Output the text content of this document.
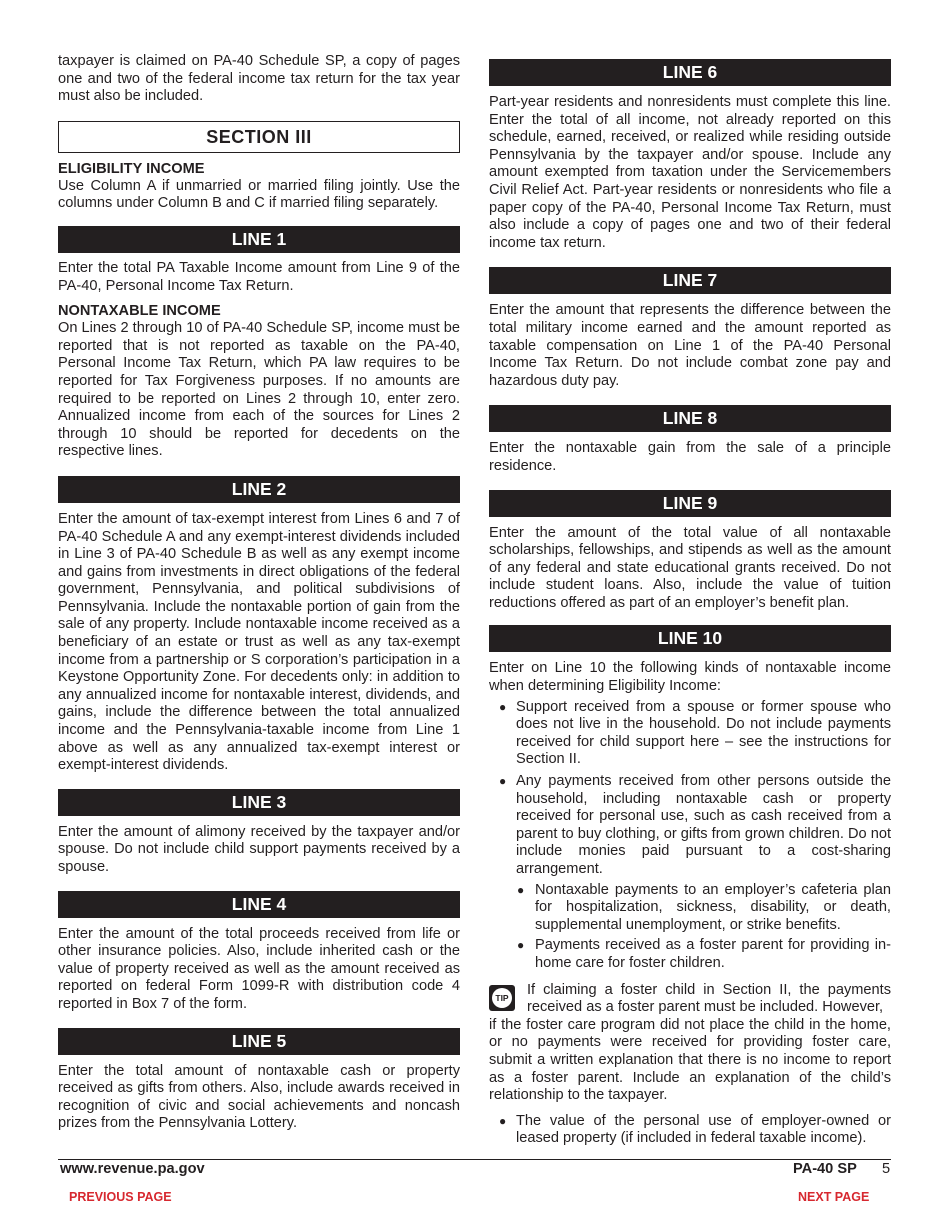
taxpayer is claimed on PA-40 Schedule SP, a copy of pages one and two of the federal income tax return for the tax year must also be included.

SECTION III
ELIGIBILITY INCOME

Use Column A if unmarried or married filing jointly. Use the columns under Column B and C if married filing separately.

LINE 1

Enter the total PA Taxable Income amount from Line 9 of the PA-40, Personal Income Tax Return.

NONTAXABLE INCOME

On Lines 2 through 10 of PA-40 Schedule SP, income must be reported that is not reported as taxable on the PA-40, Personal Income Tax Return, which PA law requires to be reported for Tax Forgiveness purposes. If no amounts are required to be reported on Lines 2 through 10, enter zero. Annualized income from each of the sources for Lines 2 through 10 should be reported for decedents on the respective lines.

LINE 2

Enter the amount of tax-exempt interest from Lines 6 and 7 of PA-40 Schedule A and any exempt-interest dividends included in Line 3 of PA-40 Schedule B as well as any exempt income and gains from investments in direct obligations of the federal government, Pennsylvania, and political subdivisions of Pennsylvania. Include the nontaxable portion of gain from the sale of any property. Include nontaxable income received as a beneficiary of an estate or trust as well as any tax-exempt income from a partnership or S corporation’s participation in a Keystone Opportunity Zone. For decedents only: in addition to any annualized income for nontaxable interest, dividends, and gains, include the difference between the total annualized income and the Pennsylvania-taxable income from Line 1 above as well as any annualized tax-exempt interest or exempt-interest dividends.

LINE 3

Enter the amount of alimony received by the taxpayer and/or spouse. Do not include child support payments received by a spouse.

LINE 4

Enter the amount of the total proceeds received from life or other insurance policies. Also, include inherited cash or the value of property received as well as the amount received as reported on federal Form 1099-R with distribution code 4 reported in Box 7 of the form.

LINE 5

Enter the total amount of nontaxable cash or property received as gifts from others. Also, include awards received in recognition of civic and social achievements and noncash prizes from the Pennsylvania Lottery.

LINE 6

Part-year residents and nonresidents must complete this line. Enter the total of all income, not already reported on this schedule, earned, received, or realized while residing outside Pennsylvania by the taxpayer and/or spouse. Include any amount exempted from taxation under the Servicemembers Civil Relief Act. Part-year residents or nonresidents who file a paper copy of the PA-40, Personal Income Tax Return, must also include a copy of pages one and two of their federal income tax return.

LINE 7

Enter the amount that represents the difference between the total military income earned and the amount reported as taxable compensation on Line 1 of the PA-40 Personal Income Tax Return. Do not include combat zone pay and hazardous duty pay.

LINE 8

Enter the nontaxable gain from the sale of a principle residence.

LINE 9

Enter the amount of the total value of all nontaxable scholarships, fellowships, and stipends as well as the amount of any federal and state educational grants received. Do not include student loans. Also, include the value of tuition reductions offered as part of an employer’s benefit plan.

LINE 10

Enter on Line 10 the following kinds of nontaxable income when determining Eligibility Income:

● Support received from a spouse or former spouse who does not live in the household. Do not include payments received for child support here – see the instructions for Section II.
● Any payments received from other persons outside the household, including nontaxable cash or property received for personal use, such as cash received from a parent to buy clothing, or gifts from grown children. Do not include monies paid pursuant to a cost-sharing arrangement.
● Nontaxable payments to an employer’s cafeteria plan for hospitalization, sickness, disability, or death, supplemental unemployment, or strike benefits.
● Payments received as a foster parent for providing in-home care for foster children.
TIP If claiming a foster child in Section II, the payments received as a foster parent must be included. However,

if the foster care program did not place the child in the home, or no payments were received for providing foster care, submit a written explanation that there is no income to report as a foster parent. Include an explanation of the child’s relationship to the taxpayer.

● The value of the personal use of employer-owned or leased property (if included in federal taxable income).
www.revenue.pa.gov	PA-40 SP 5
PREVIOUS PAGE	NEXT PAGE
